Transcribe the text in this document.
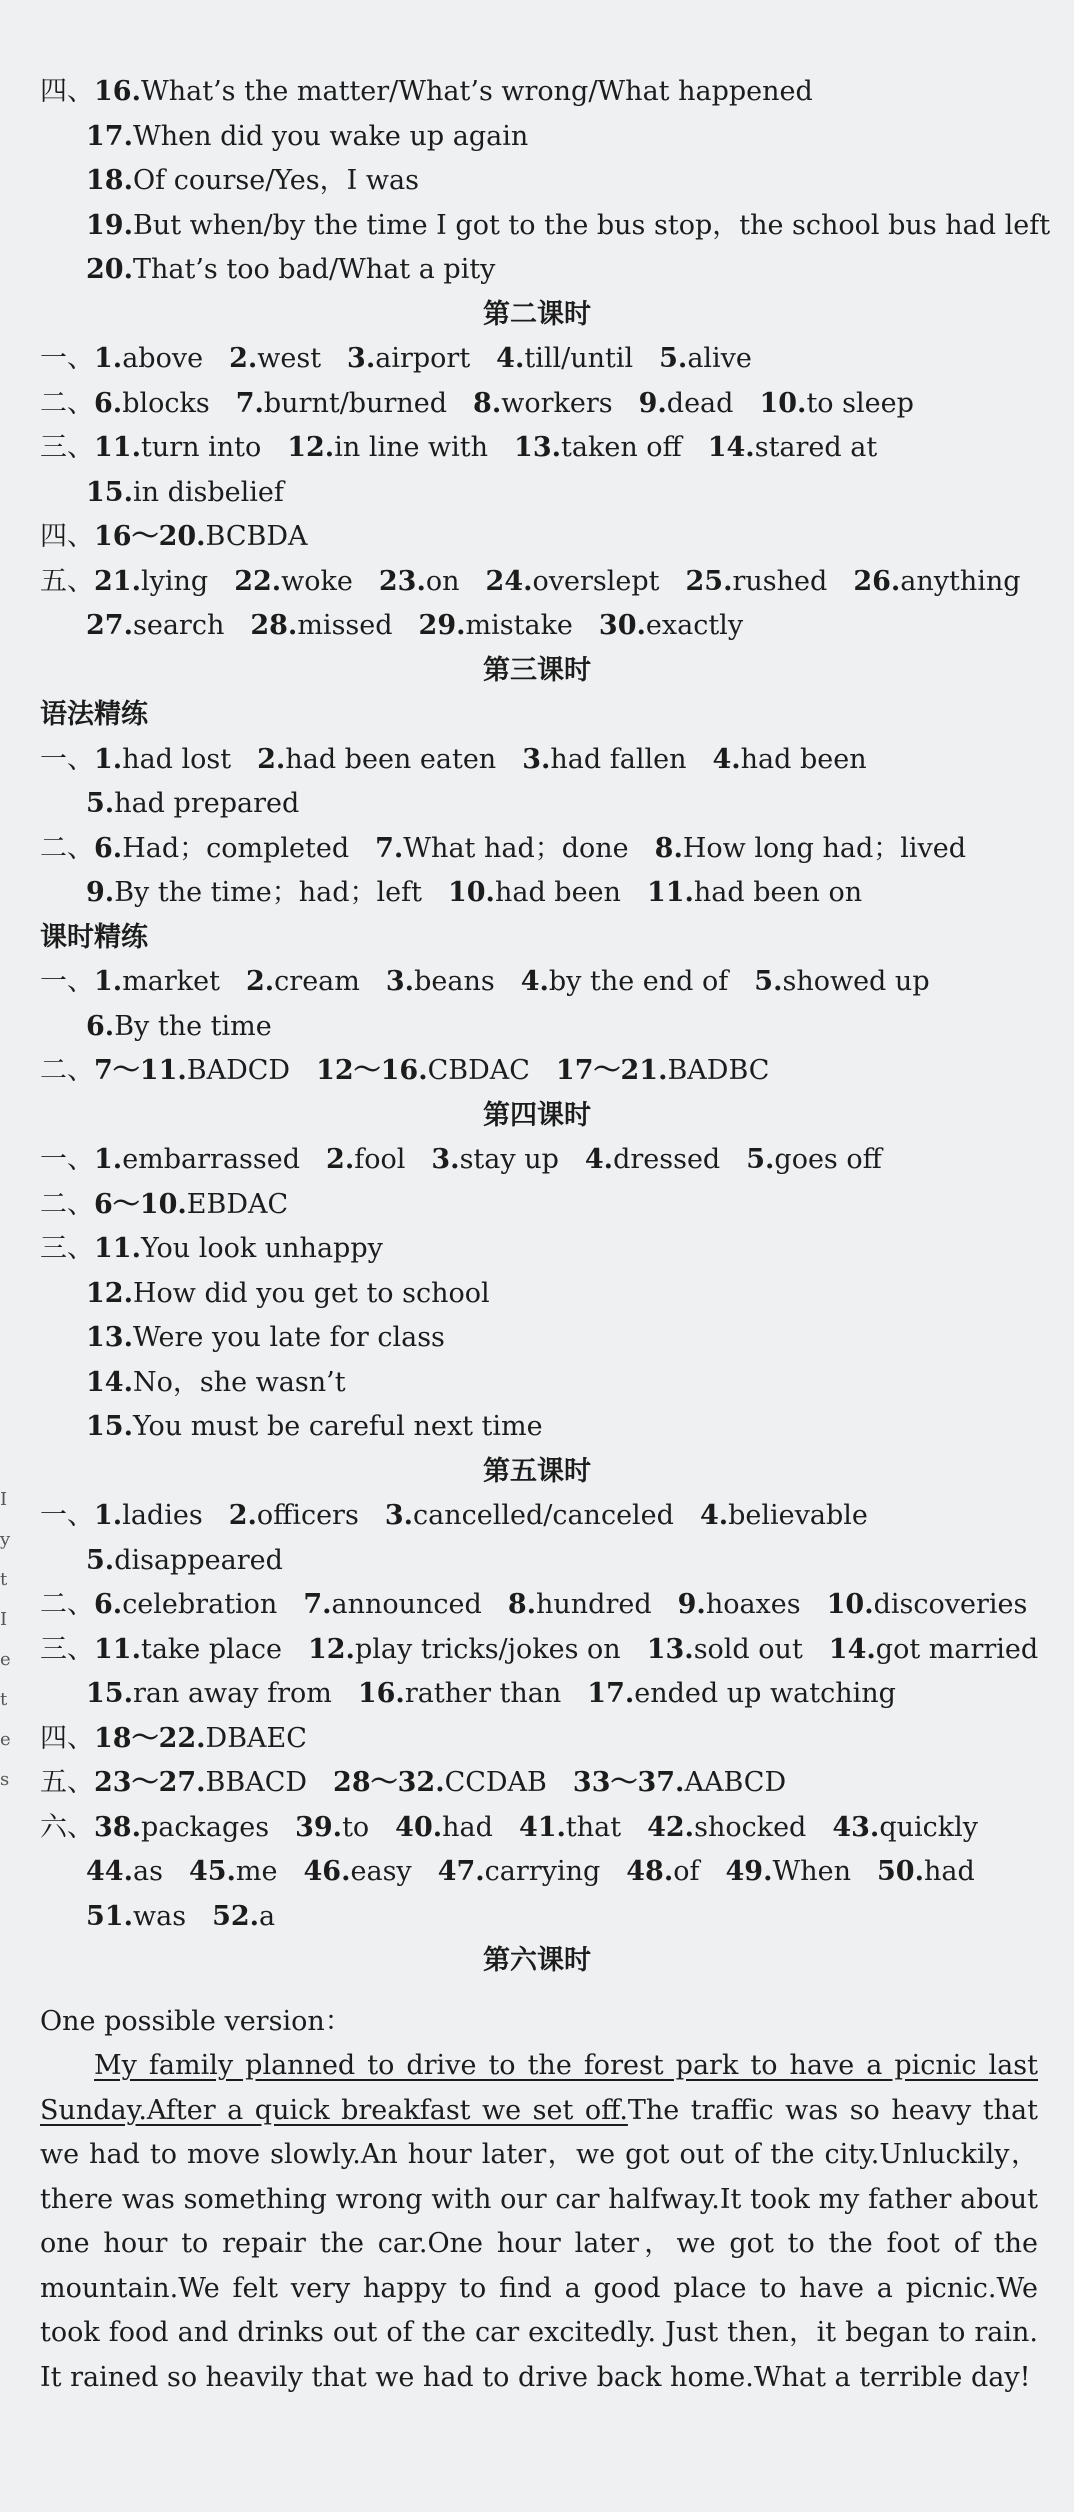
四、16.What’s the matter/What’s wrong/What happened
17.When did you wake up again
18.Of course/Yes，I was
19.But when/by the time I got to the bus stop，the school bus had left
20.That’s too bad/What a pity
第二课时
一、1.above 2.west 3.airport 4.till/until 5.alive
二、6.blocks 7.burnt/burned 8.workers 9.dead 10.to sleep
三、11.turn into 12.in line with 13.taken off 14.stared at
15.in disbelief
四、16～20.BCBDA
五、21.lying 22.woke 23.on 24.overslept 25.rushed 26.anything
27.search 28.missed 29.mistake 30.exactly
第三课时
语法精练
一、1.had lost 2.had been eaten 3.had fallen 4.had been
5.had prepared
二、6.Had；completed 7.What had；done 8.How long had；lived
9.By the time；had；left 10.had been 11.had been on
课时精练
一、1.market 2.cream 3.beans 4.by the end of 5.showed up
6.By the time
二、7～11.BADCD 12～16.CBDAC 17～21.BADBC
第四课时
一、1.embarrassed 2.fool 3.stay up 4.dressed 5.goes off
二、6～10.EBDAC
三、11.You look unhappy
12.How did you get to school
13.Were you late for class
14.No，she wasn’t
15.You must be careful next time
第五课时
一、1.ladies 2.officers 3.cancelled/canceled 4.believable
5.disappeared
二、6.celebration 7.announced 8.hundred 9.hoaxes 10.discoveries
三、11.take place 12.play tricks/jokes on 13.sold out 14.got married
15.ran away from 16.rather than 17.ended up watching
四、18～22.DBAEC
五、23～27.BBACD 28～32.CCDAB 33～37.AABCD
六、38.packages 39.to 40.had 41.that 42.shocked 43.quickly
44.as 45.me 46.easy 47.carrying 48.of 49.When 50.had
51.was 52.a
第六课时
One possible version：
My family planned to drive to the forest park to have a picnic last Sunday.After a quick breakfast we set off.The traffic was so heavy that we had to move slowly.An hour later，we got out of the city.Unluckily，there was something wrong with our car halfway.It took my father about one hour to repair the car.One hour later，we got to the foot of the mountain.We felt very happy to find a good place to have a picnic.We took food and drinks out of the car excitedly. Just then，it began to rain. It rained so heavily that we had to drive back home.What a terrible day!
I
y
t
I
e
t
e
s
